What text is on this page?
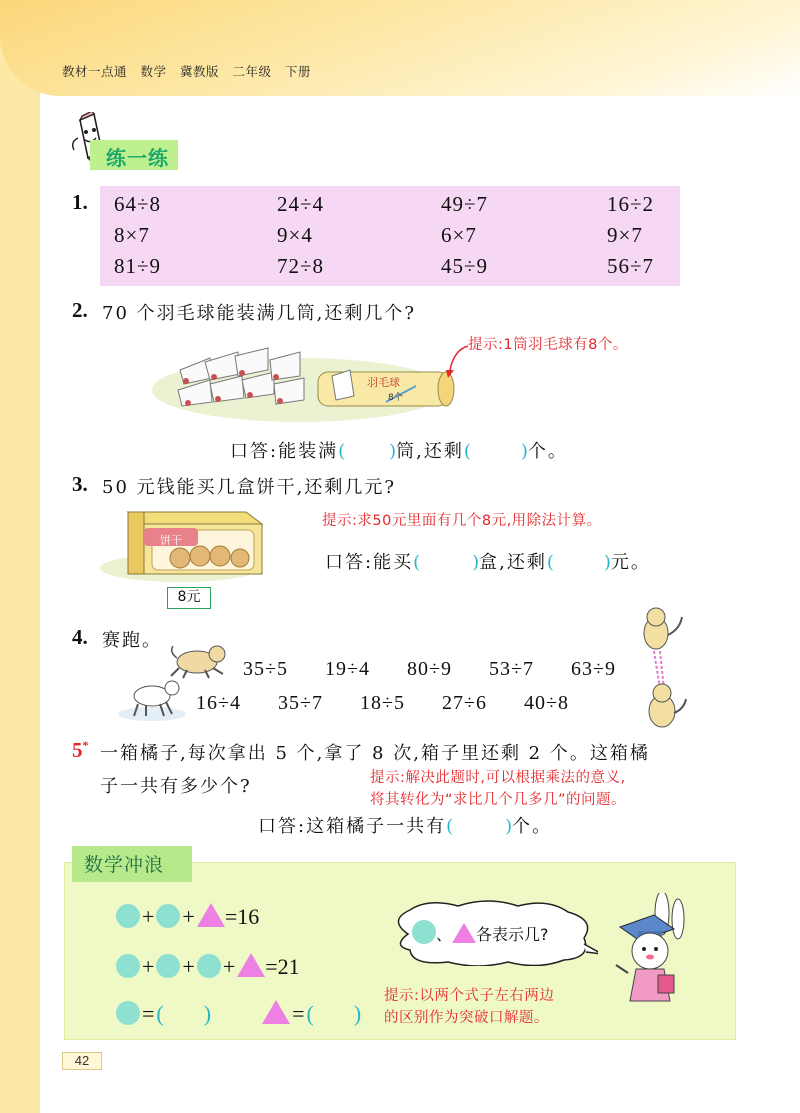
教材一点通 数学 冀教版 二年级 下册
练一练
1. 64÷8	24÷4	49÷7	16÷2
8×7	9×4	6×7	9×7
81÷9	72÷8	45÷9	56÷7
2. 70 个羽毛球能装满几筒,还剩几个?
提示:1筒羽毛球有8个。
羽毛球
8个
口答:能装满( )筒,还剩(	)个。
3. 50 元钱能买几盒饼干,还剩几元?
提示:求50元里面有几个8元,用除法计算。
饼干
8元
口答:能买(	)盒,还剩(	)元。
4. 赛跑。
35÷5 19÷4 80÷9 53÷7 63÷9
16÷4 35÷7 18÷5 27÷6 40÷8
5* 一箱橘子,每次拿出 5 个,拿了 8 次,箱子里还剩 2 个。这箱橘
子一共有多少个?	提示:解决此题时,可以根据乘法的意义,
将其转化为“求比几个几多几”的问题。
口答:这箱橘子一共有(	)个。
数学冲浪
+ + =16
+ + + =21
=( )	=( )
、 各表示几?
提示:以两个式子左右两边
的区别作为突破口解题。
42
